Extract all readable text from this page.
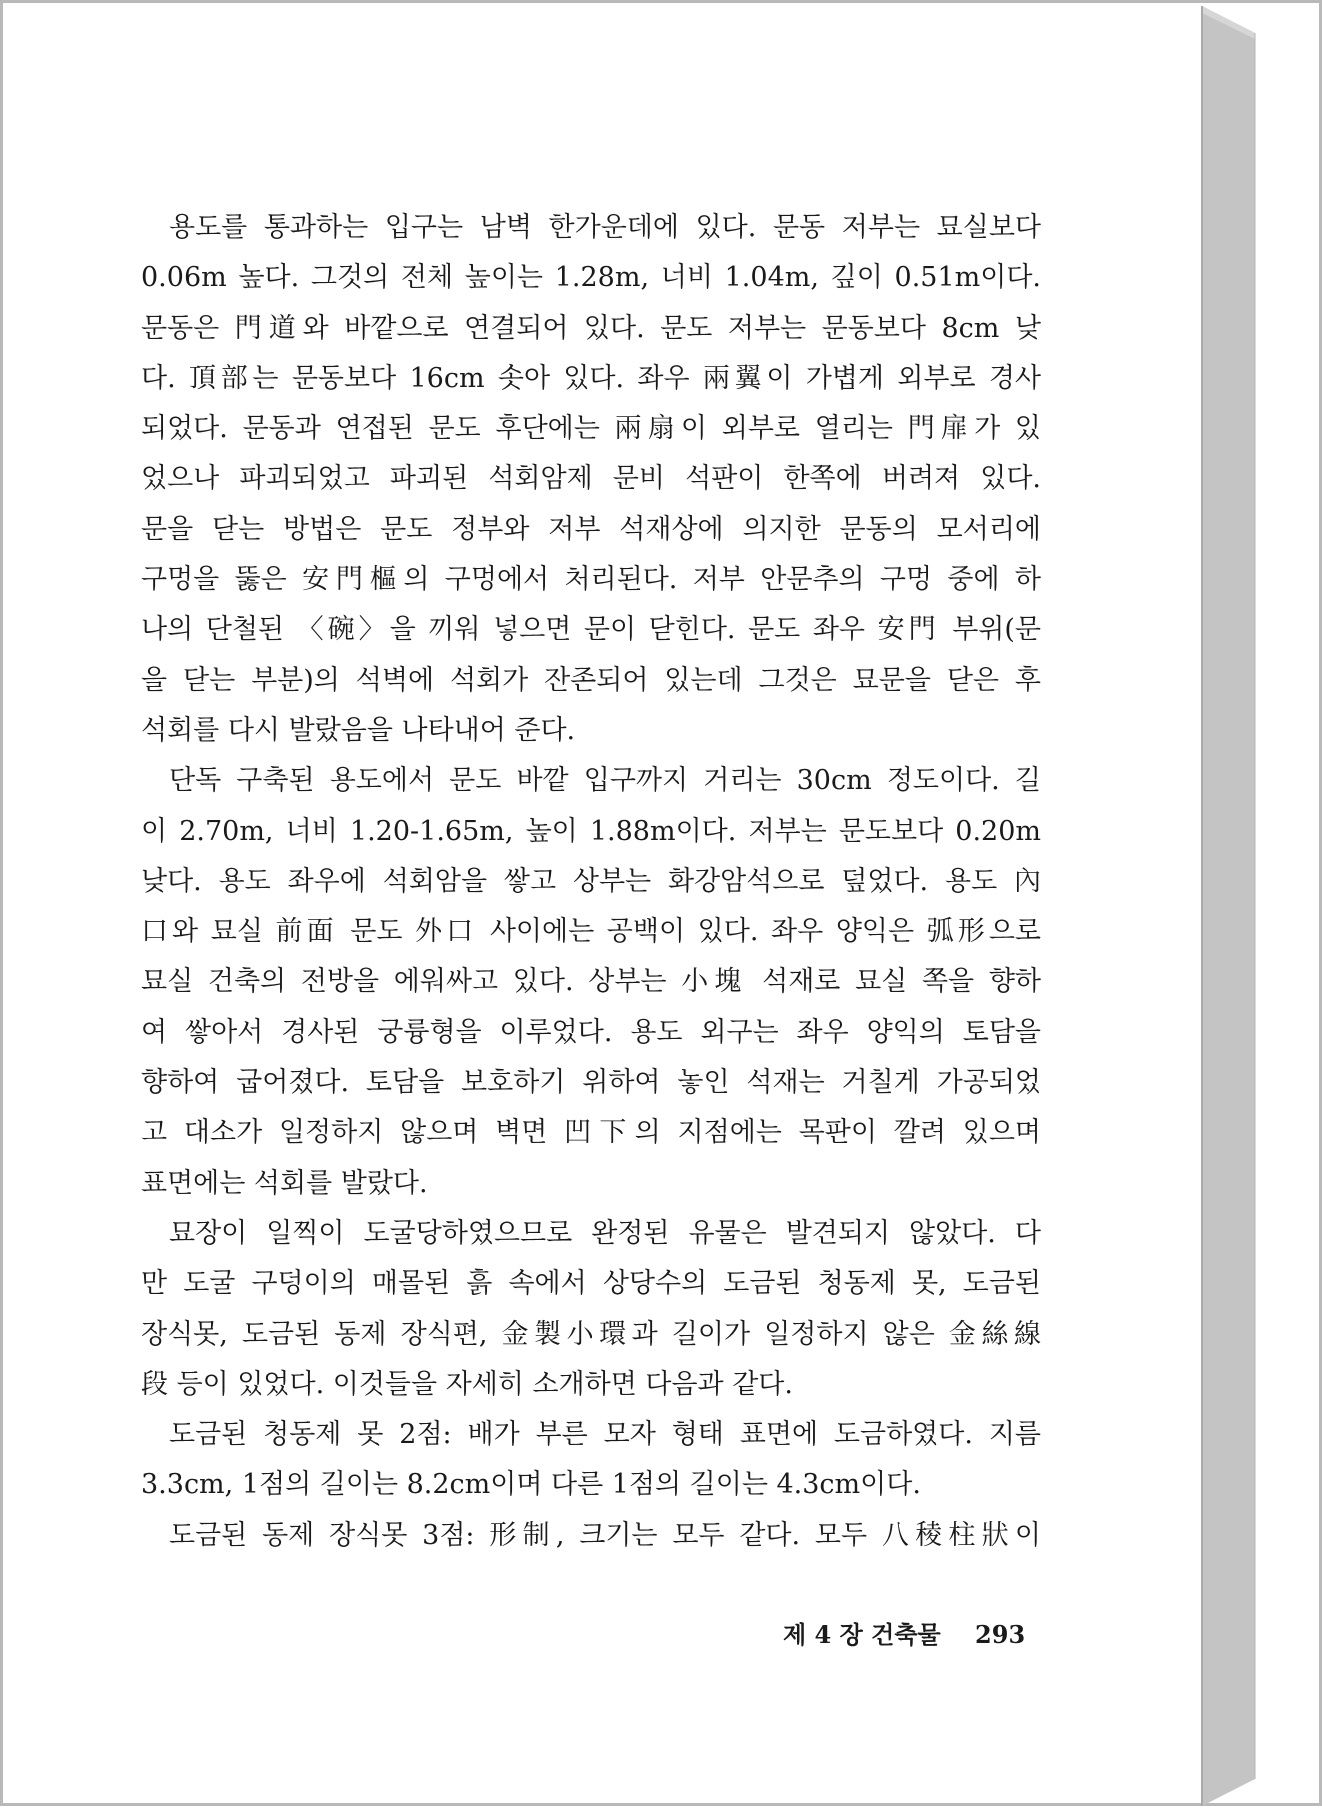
용도를 통과하는 입구는 남벽 한가운데에 있다. 문동 저부는 묘실보다
0.06m 높다. 그것의 전체 높이는 1.28m, 너비 1.04m, 깊이 0.51m이다.
문동은 門道와 바깥으로 연결되어 있다. 문도 저부는 문동보다 8cm 낮
다. 頂部는 문동보다 16cm 솟아 있다. 좌우 兩翼이 가볍게 외부로 경사
되었다. 문동과 연접된 문도 후단에는 兩扇이 외부로 열리는 門扉가 있
었으나 파괴되었고 파괴된 석회암제 문비 석판이 한쪽에 버려져 있다.
문을 닫는 방법은 문도 정부와 저부 석재상에 의지한 문동의 모서리에
구멍을 뚫은 安門樞의 구멍에서 처리된다. 저부 안문추의 구멍 중에 하
나의 단철된 〈碗〉을 끼워 넣으면 문이 닫힌다. 문도 좌우 安門 부위(문
을 닫는 부분)의 석벽에 석회가 잔존되어 있는데 그것은 묘문을 닫은 후
석회를 다시 발랐음을 나타내어 준다.
단독 구축된 용도에서 문도 바깥 입구까지 거리는 30cm 정도이다. 길
이 2.70m, 너비 1.20-1.65m, 높이 1.88m이다. 저부는 문도보다 0.20m
낮다. 용도 좌우에 석회암을 쌓고 상부는 화강암석으로 덮었다. 용도 內
口와 묘실 前面 문도 外口 사이에는 공백이 있다. 좌우 양익은 弧形으로
묘실 건축의 전방을 에워싸고 있다. 상부는 小塊 석재로 묘실 쪽을 향하
여 쌓아서 경사된 궁륭형을 이루었다. 용도 외구는 좌우 양익의 토담을
향하여 굽어졌다. 토담을 보호하기 위하여 놓인 석재는 거칠게 가공되었
고 대소가 일정하지 않으며 벽면 凹下의 지점에는 목판이 깔려 있으며
표면에는 석회를 발랐다.
묘장이 일찍이 도굴당하였으므로 완정된 유물은 발견되지 않았다. 다
만 도굴 구덩이의 매몰된 흙 속에서 상당수의 도금된 청동제 못, 도금된
장식못, 도금된 동제 장식편, 金製小環과 길이가 일정하지 않은 金絲線
段 등이 있었다. 이것들을 자세히 소개하면 다음과 같다.
도금된 청동제 못 2점: 배가 부른 모자 형태 표면에 도금하였다. 지름
3.3cm, 1점의 길이는 8.2cm이며 다른 1점의 길이는 4.3cm이다.
도금된 동제 장식못 3점: 形制, 크기는 모두 같다. 모두 八稜柱狀이
제 4 장 건축물 293
